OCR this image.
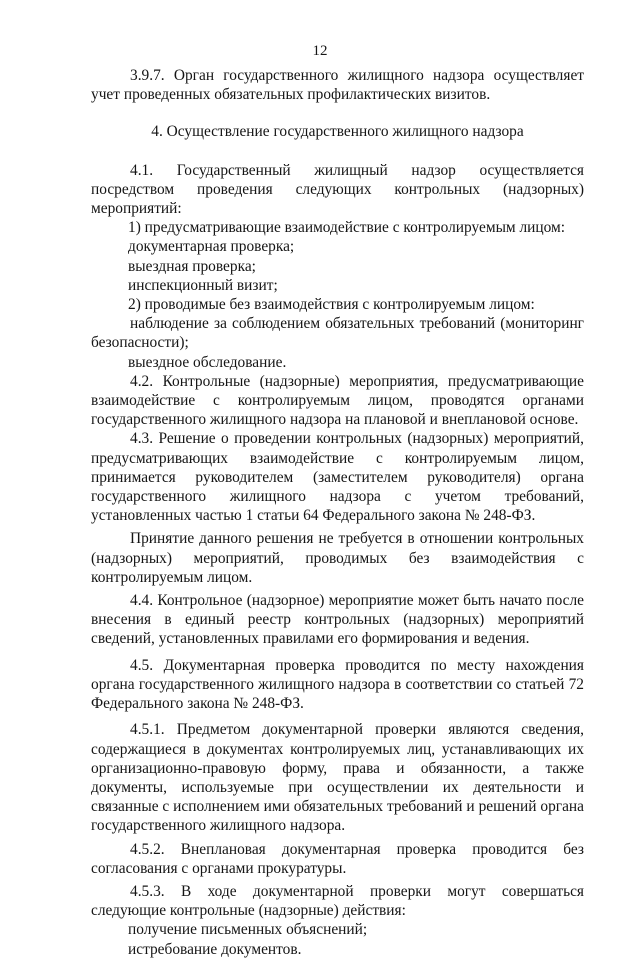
12

3.9.7. Орган государственного жилищного надзора осуществляет учет проведенных обязательных профилактических визитов.

4. Осуществление государственного жилищного надзора

4.1. Государственный жилищный надзор осуществляется посредством проведения следующих контрольных (надзорных) мероприятий:

1) предусматривающие взаимодействие с контролируемым лицом:

документарная проверка;

выездная проверка;

инспекционный визит;

2) проводимые без взаимодействия с контролируемым лицом:

наблюдение за соблюдением обязательных требований (мониторинг безопасности);

выездное обследование.

4.2. Контрольные (надзорные) мероприятия, предусматривающие взаимодействие с контролируемым лицом, проводятся органами государственного жилищного надзора на плановой и внеплановой основе.

4.3. Решение о проведении контрольных (надзорных) мероприятий, предусматривающих взаимодействие с контролируемым лицом, принимается руководителем (заместителем руководителя) органа государственного жилищного надзора с учетом требований, установленных частью 1 статьи 64 Федерального закона № 248-ФЗ.

Принятие данного решения не требуется в отношении контрольных (надзорных) мероприятий, проводимых без взаимодействия с контролируемым лицом.

4.4. Контрольное (надзорное) мероприятие может быть начато после внесения в единый реестр контрольных (надзорных) мероприятий сведений, установленных правилами его формирования и ведения.

4.5. Документарная проверка проводится по месту нахождения органа государственного жилищного надзора в соответствии со статьей 72 Федерального закона № 248-ФЗ.

4.5.1. Предметом документарной проверки являются сведения, содержащиеся в документах контролируемых лиц, устанавливающих их организационно-правовую форму, права и обязанности, а также документы, используемые при осуществлении их деятельности и связанные с исполнением ими обязательных требований и решений органа государственного жилищного надзора.

4.5.2. Внеплановая документарная проверка проводится без согласования с органами прокуратуры.

4.5.3. В ходе документарной проверки могут совершаться следующие контрольные (надзорные) действия:

получение письменных объяснений;

истребование документов.
